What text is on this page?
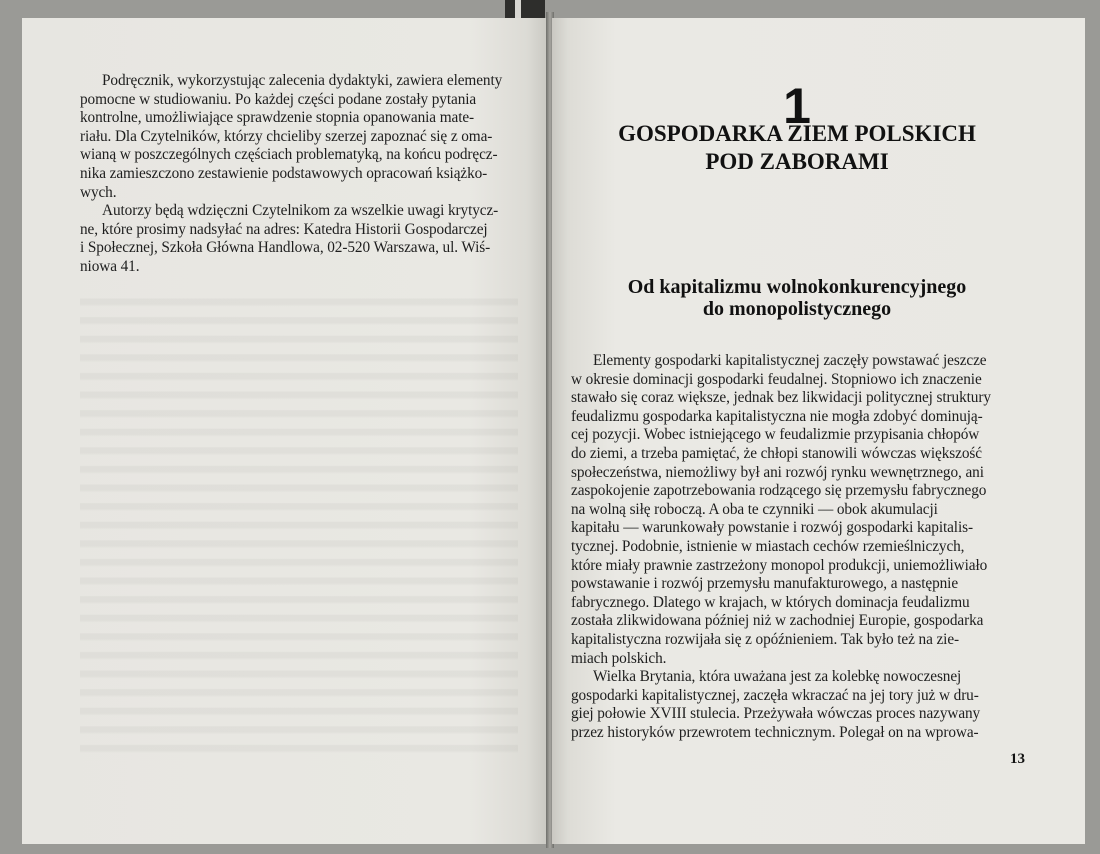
Podręcznik, wykorzystując zalecenia dydaktyki, zawiera elementy
pomocne w studiowaniu. Po każdej części podane zostały pytania
kontrolne, umożliwiające sprawdzenie stopnia opanowania mate-
riału. Dla Czytelników, którzy chcieliby szerzej zapoznać się z oma-
wianą w poszczególnych częściach problematyką, na końcu podręcz-
nika zamieszczono zestawienie podstawowych opracowań książko-
wych.

Autorzy będą wdzięczni Czytelnikom za wszelkie uwagi krytycz-
ne, które prosimy nadsyłać na adres: Katedra Historii Gospodarczej
i Społecznej, Szkoła Główna Handlowa, 02-520 Warszawa, ul. Wiś-
niowa 41.

1
GOSPODARKA ZIEM POLSKICH
POD ZABORAMI
Od kapitalizmu wolnokonkurencyjnego
do monopolistycznego

Elementy gospodarki kapitalistycznej zaczęły powstawać jeszcze
w okresie dominacji gospodarki feudalnej. Stopniowo ich znaczenie
stawało się coraz większe, jednak bez likwidacji politycznej struktury
feudalizmu gospodarka kapitalistyczna nie mogła zdobyć dominują-
cej pozycji. Wobec istniejącego w feudalizmie przypisania chłopów
do ziemi, a trzeba pamiętać, że chłopi stanowili wówczas większość
społeczeństwa, niemożliwy był ani rozwój rynku wewnętrznego, ani
zaspokojenie zapotrzebowania rodzącego się przemysłu fabrycznego
na wolną siłę roboczą. A oba te czynniki — obok akumulacji
kapitału — warunkowały powstanie i rozwój gospodarki kapitalis-
tycznej. Podobnie, istnienie w miastach cechów rzemieślniczych,
które miały prawnie zastrzeżony monopol produkcji, uniemożliwiało
powstawanie i rozwój przemysłu manufakturowego, a następnie
fabrycznego. Dlatego w krajach, w których dominacja feudalizmu
została zlikwidowana później niż w zachodniej Europie, gospodarka
kapitalistyczna rozwijała się z opóźnieniem. Tak było też na zie-
miach polskich.

Wielka Brytania, która uważana jest za kolebkę nowoczesnej
gospodarki kapitalistycznej, zaczęła wkraczać na jej tory już w dru-
giej połowie XVIII stulecia. Przeżywała wówczas proces nazywany
przez historyków przewrotem technicznym. Polegał on na wprowa-

13
